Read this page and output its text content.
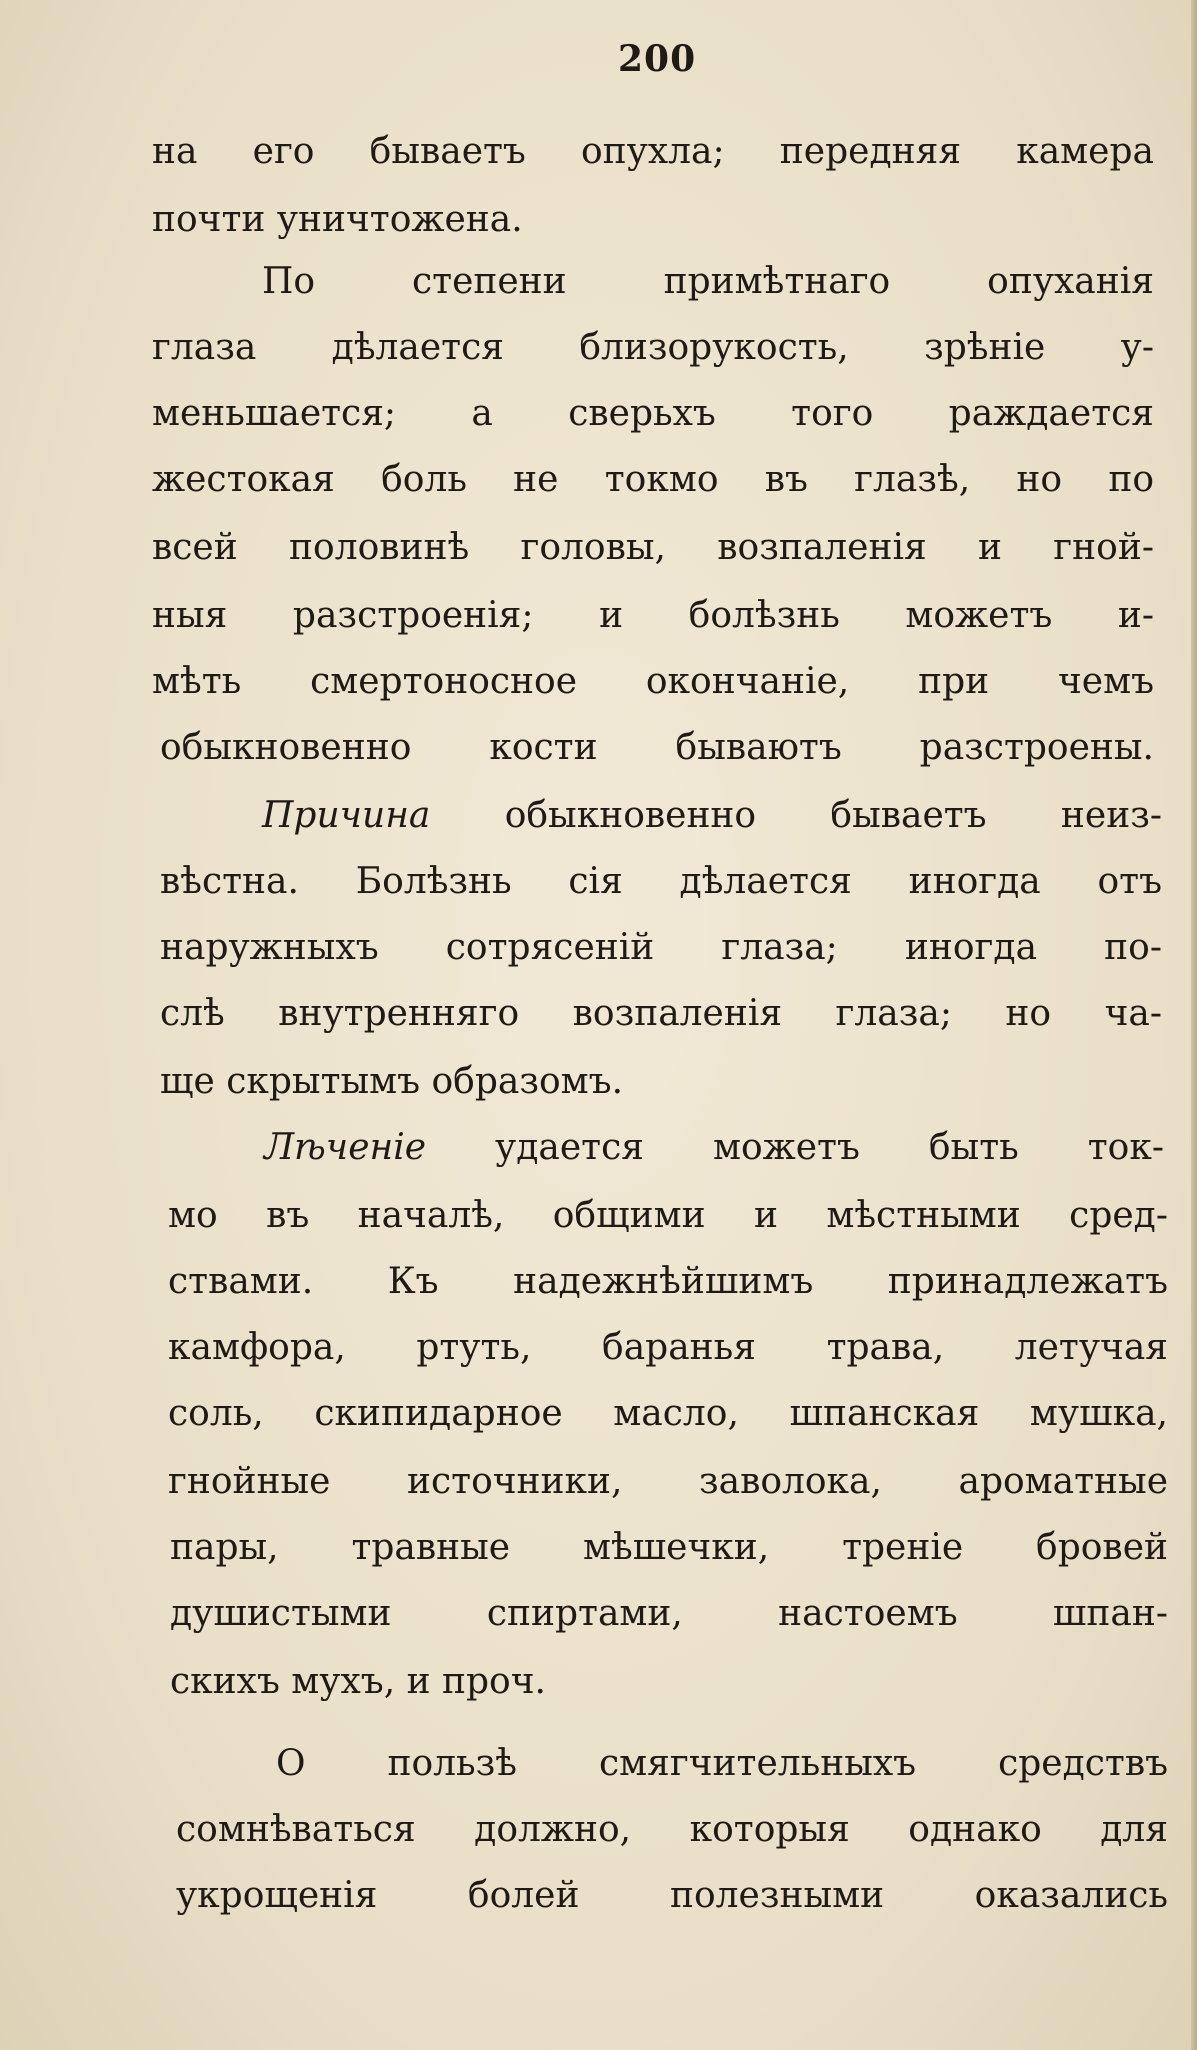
200
на его бываетъ опухла; передняя камера
почти уничтожена.
По степени примѣтнаго опуханія
глаза дѣлается близорукость, зрѣніе у-
меньшается; а сверьхъ того раждается
жестокая боль не токмо въ глазѣ, но по
всей половинѣ головы, возпаленія и гной-
ныя разстроенія; и болѣзнь можетъ и-
мѣть смертоносное окончаніе, при чемъ
обыкновенно кости бываютъ разстроены.
Причина обыкновенно бываетъ неиз-
вѣстна. Болѣзнь сія дѣлается иногда отъ
наружныхъ сотрясеній глаза; иногда по-
слѣ внутренняго возпаленія глаза; но ча-
ще скрытымъ образомъ.
Лѣченіе удается можетъ быть ток-
мо въ началѣ, общими и мѣстными сред-
ствами. Къ надежнѣйшимъ принадлежатъ
камфора, ртуть, баранья трава, летучая
соль, скипидарное масло, шпанская мушка,
гнойные источники, заволока, ароматные
пары, травные мѣшечки, треніе бровей
душистыми спиртами, настоемъ шпан-
скихъ мухъ, и проч.
О пользѣ смягчительныхъ средствъ
сомнѣваться должно, которыя однако для
укрощенія болей полезными оказались
